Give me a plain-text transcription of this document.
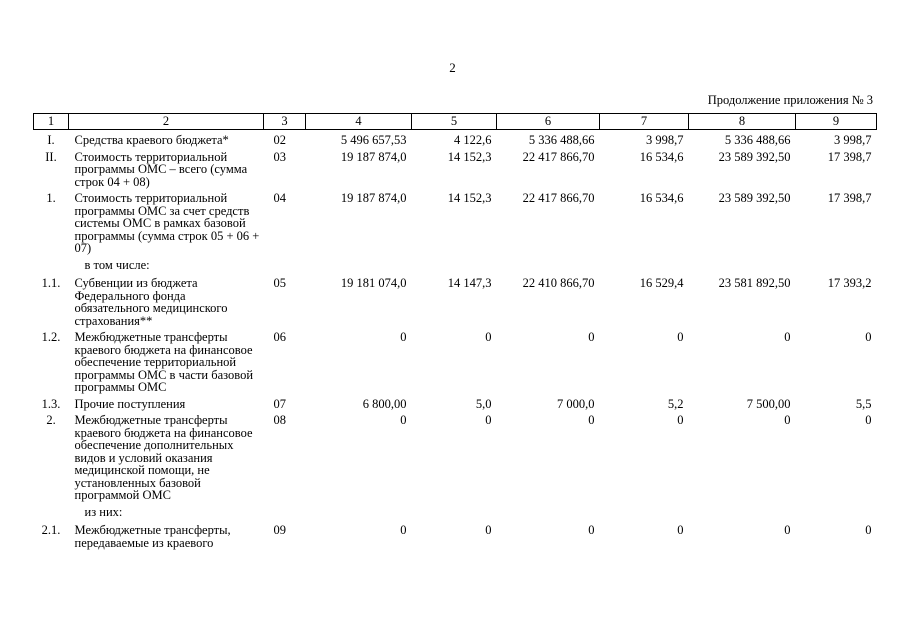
2
Продолжение приложения № 3
1	2	3	4	5	6	7	8	9
I.	Средства краевого бюджета*	02	5 496 657,53	4 122,6	5 336 488,66	3 998,7	5 336 488,66	3 998,7
II.	Стоимость территориальной программы ОМС – всего (сумма строк 04 + 08)	03	19 187 874,0	14 152,3	22 417 866,70	16 534,6	23 589 392,50	17 398,7
1.	Стоимость территориальной программы ОМС за счет средств системы ОМС в рамках базовой программы (сумма строк 05 + 06 + 07)	04	19 187 874,0	14 152,3	22 417 866,70	16 534,6	23 589 392,50	17 398,7
	в том числе:							
1.1.	Субвенции из бюджета Федерального фонда обязательного медицинского страхования**	05	19 181 074,0	14 147,3	22 410 866,70	16 529,4	23 581 892,50	17 393,2
1.2.	Межбюджетные трансферты краевого бюджета на финансовое обеспечение территориальной программы ОМС в части базовой программы ОМС	06	0	0	0	0	0	0
1.3.	Прочие поступления	07	6 800,00	5,0	7 000,0	5,2	7 500,00	5,5
2.	Межбюджетные трансферты краевого бюджета на финансовое обеспечение дополнительных видов и условий оказания медицинской помощи, не установленных базовой программой ОМС	08	0	0	0	0	0	0
	из них:							
2.1.	Межбюджетные трансферты, передаваемые из краевого	09	0	0	0	0	0	0
